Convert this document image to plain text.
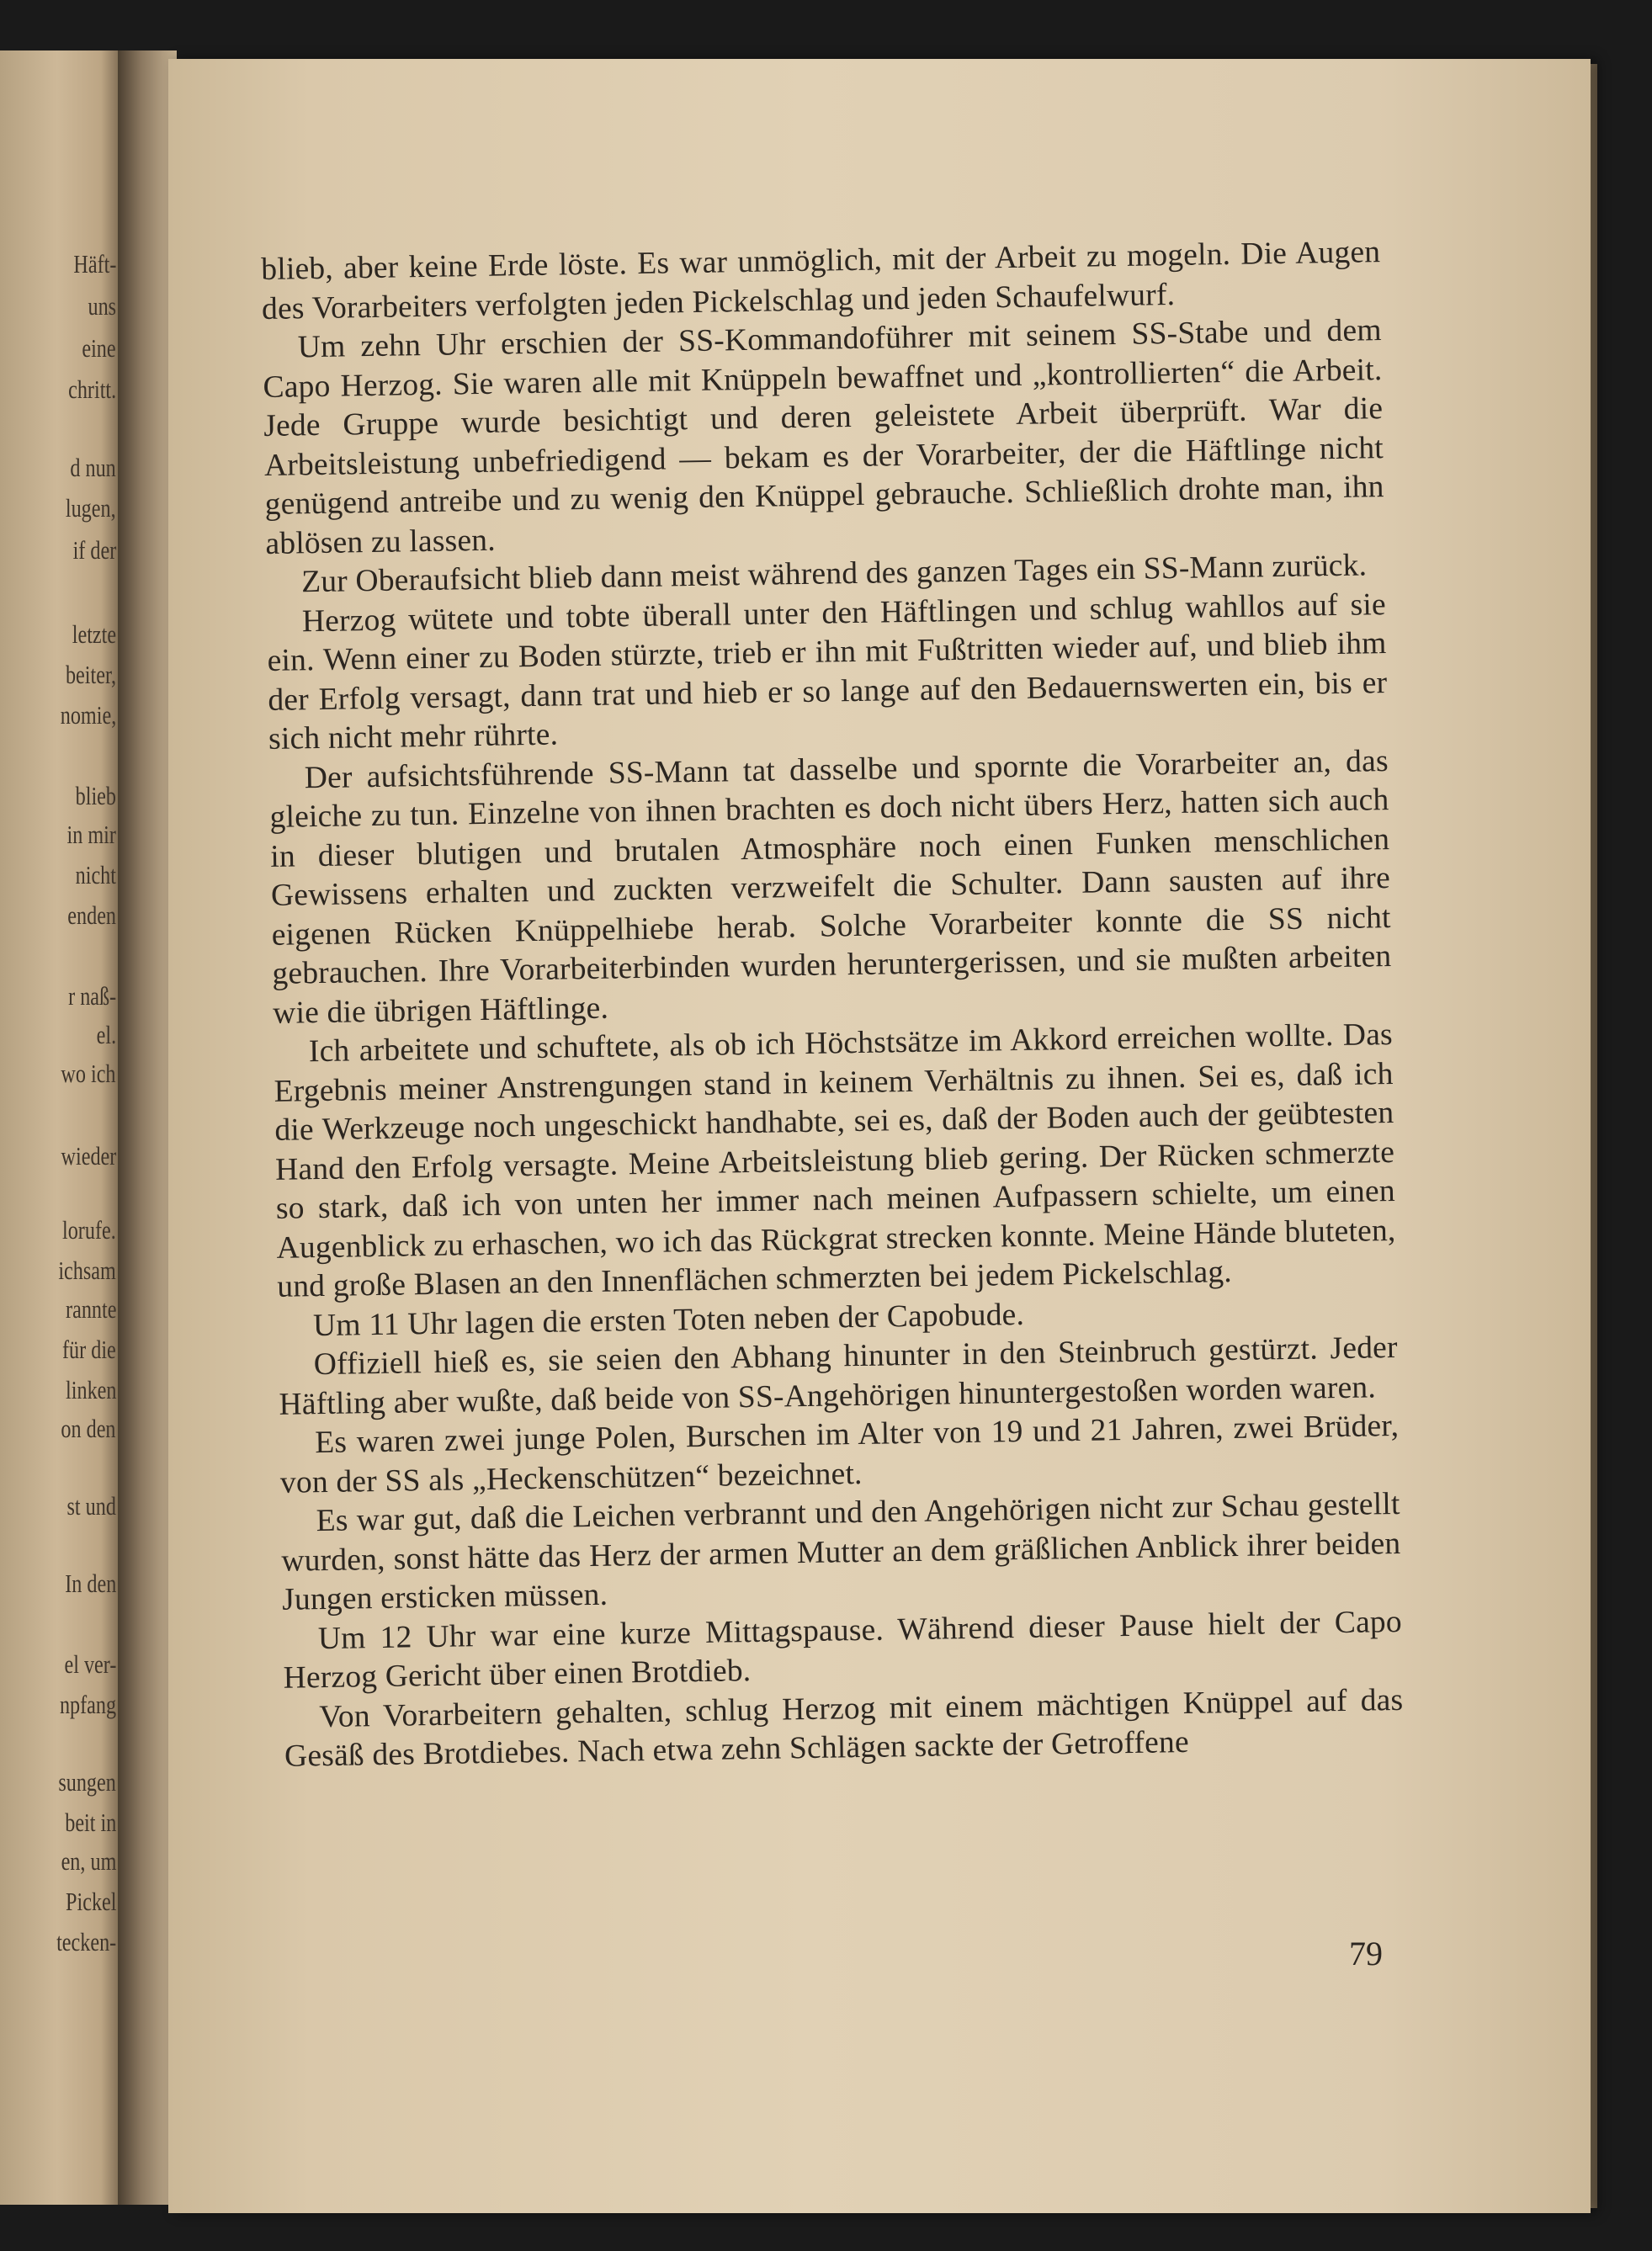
Häft-
uns
eine
chritt.
d nun
lugen,
if der
letzte
beiter,
nomie,
blieb
in mir
nicht
enden
r naß-
el.
wo ich
wieder
lorufe.
ichsam
rannte
für die
linken
on den
st und
In den
el ver-
npfang
sungen
beit in
en, um
Pickel
tecken-

blieb, aber keine Erde löste. Es war unmöglich, mit der Arbeit zu mogeln. Die Augen des Vorarbeiters verfolgten jeden Pickelschlag und jeden Schaufelwurf.

Um zehn Uhr erschien der SS-Kommandoführer mit seinem SS-Stabe und dem Capo Herzog. Sie waren alle mit Knüppeln bewaffnet und „kontrollierten“ die Arbeit. Jede Gruppe wurde besichtigt und deren geleistete Arbeit überprüft. War die Arbeitsleistung unbefriedigend — bekam es der Vorarbeiter, der die Häftlinge nicht genügend antreibe und zu wenig den Knüppel gebrauche. Schließlich drohte man, ihn ablösen zu lassen.

Zur Oberaufsicht blieb dann meist während des ganzen Tages ein SS-Mann zurück.

Herzog wütete und tobte überall unter den Häftlingen und schlug wahllos auf sie ein. Wenn einer zu Boden stürzte, trieb er ihn mit Fußtritten wieder auf, und blieb ihm der Erfolg versagt, dann trat und hieb er so lange auf den Bedauernswerten ein, bis er sich nicht mehr rührte.

Der aufsichtsführende SS-Mann tat dasselbe und spornte die Vorarbeiter an, das gleiche zu tun. Einzelne von ihnen brachten es doch nicht übers Herz, hatten sich auch in dieser blutigen und brutalen Atmosphäre noch einen Funken menschlichen Gewissens erhalten und zuckten verzweifelt die Schulter. Dann sausten auf ihre eigenen Rücken Knüppelhiebe herab. Solche Vorarbeiter konnte die SS nicht gebrauchen. Ihre Vorarbeiterbinden wurden heruntergerissen, und sie mußten arbeiten wie die übrigen Häftlinge.

Ich arbeitete und schuftete, als ob ich Höchstsätze im Akkord erreichen wollte. Das Ergebnis meiner Anstrengungen stand in keinem Verhältnis zu ihnen. Sei es, daß ich die Werkzeuge noch ungeschickt handhabte, sei es, daß der Boden auch der geübtesten Hand den Erfolg versagte. Meine Arbeitsleistung blieb gering. Der Rücken schmerzte so stark, daß ich von unten her immer nach meinen Aufpassern schielte, um einen Augenblick zu erhaschen, wo ich das Rückgrat strecken konnte. Meine Hände bluteten, und große Blasen an den Innenflächen schmerzten bei jedem Pickelschlag.

Um 11 Uhr lagen die ersten Toten neben der Capobude.

Offiziell hieß es, sie seien den Abhang hinunter in den Steinbruch gestürzt. Jeder Häftling aber wußte, daß beide von SS-Angehörigen hinuntergestoßen worden waren.

Es waren zwei junge Polen, Burschen im Alter von 19 und 21 Jahren, zwei Brüder, von der SS als „Heckenschützen“ bezeichnet.

Es war gut, daß die Leichen verbrannt und den Angehörigen nicht zur Schau gestellt wurden, sonst hätte das Herz der armen Mutter an dem gräßlichen Anblick ihrer beiden Jungen ersticken müssen.

Um 12 Uhr war eine kurze Mittagspause. Während dieser Pause hielt der Capo Herzog Gericht über einen Brotdieb.

Von Vorarbeitern gehalten, schlug Herzog mit einem mächtigen Knüppel auf das Gesäß des Brotdiebes. Nach etwa zehn Schlägen sackte der Getroffene

79
